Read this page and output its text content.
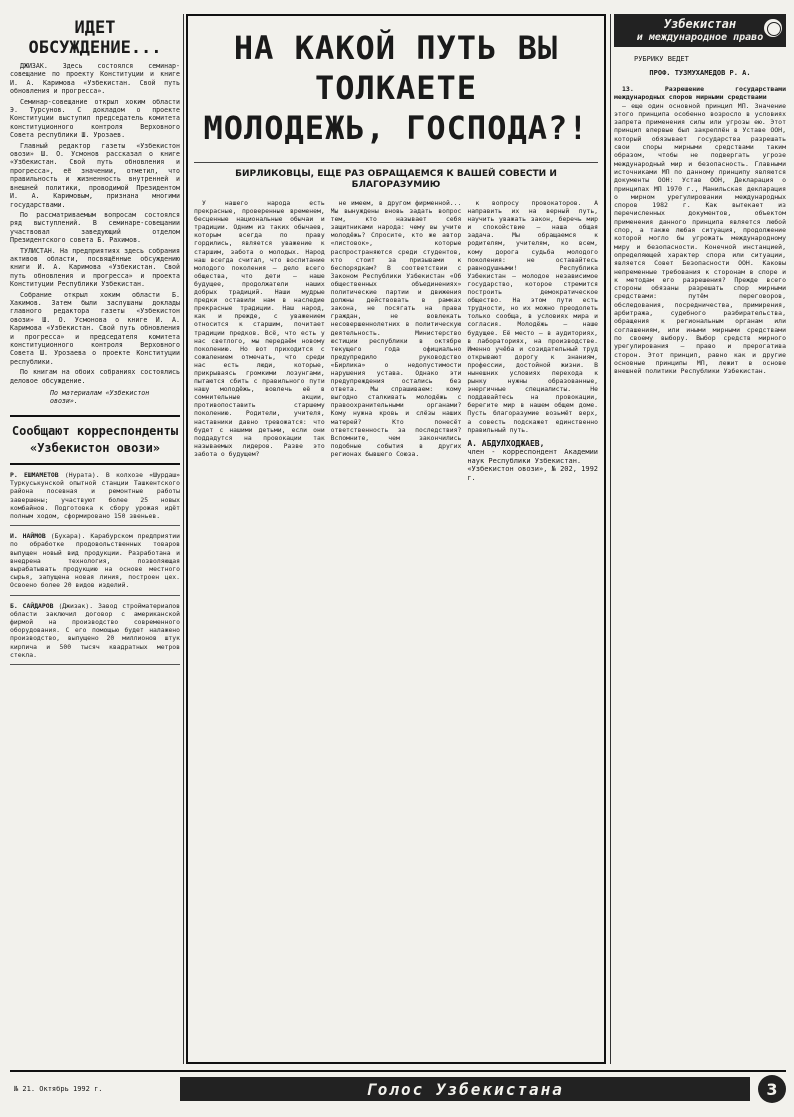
ИДЕТ ОБСУЖДЕНИЕ...

ДЖИЗАК. Здесь состоялся семинар-совещание по проекту Конституции и книге И. А. Каримова «Узбекистан. Свой путь обновления и прогресса».

Семинар-совещание открыл хоким области Э. Турсунов. С докладом о проекте Конституции выступил председатель комитета конституционного контроля Верховного Совета республики Ш. Урозаев.

Главный редактор газеты «Узбекистон овози» Ш. О. Усмонов рассказал о книге «Узбекистан. Свой путь обновления и прогресса», её значении, отметил, что правильность и жизненность внутренней и внешней политики, проводимой Президентом И. А. Каримовым, признана многими государствами.

По рассматриваемым вопросам состоялся ряд выступлений. В семинаре-совещании участвовал заведующий отделом Президентского совета Б. Рахимов.

ТУЛИСТАН. На предприятиях здесь собрания активов области, посвящённые обсуждению книги И. А. Каримова «Узбекистан. Свой путь обновления и прогресса» и проекта Конституции Республики Узбекистан.

Собрание открыл хоким области Б. Хакимов. Затем были заслушаны доклады главного редактора газеты «Узбекистон овози» Ш. О. Усмонова о книге И. А. Каримова «Узбекистан. Свой путь обновления и прогресса» и председателя комитета конституционного контроля Верховного Совета Ш. Урозаева о проекте Конституции республики.

По книгам на обоих собраниях состоялись деловое обсуждение.

По материалам «Узбекистон овози».
Сообщают корреспонденты «Узбекистон овози»
Р. ЕШМАМЕТОВ (Нурата). В колхозе «Шурдаш» Туркуськунской опытной станции Ташкентского района посевная и ремонтные работы завершены; участвуют более 25 новых комбайнов. Подготовка к сбору урожая идёт полным ходом, сформировано 150 звеньев.
И. НАЙМОВ (Бухара). Карабурском предприятии по обработке продовольственных товаров выпущен новый вид продукции. Разработана и внедрена технология, позволяющая вырабатывать продукцию на основе местного сырья, запущена новая линия, построен цех. Освоено более 20 видов изделий.
Б. САЙДАРОВ (Джизак). Завод стройматериалов области заключил договор с американской фирмой на производство современного оборудования. С его помощью будет налажено производство, выпущено 20 миллионов штук кирпича и 500 тысяч квадратных метров стекла.
НА КАКОЙ ПУТЬ ВЫ ТОЛКАЕТЕ
МОЛОДЕЖЬ, ГОСПОДА?!
БИРЛИКОВЦЫ, ЕЩЕ РАЗ ОБРАЩАЕМСЯ К ВАШЕЙ СОВЕСТИ И БЛАГОРАЗУМИЮ

У нашего народа есть прекрасные, проверенные временем, бесценные национальные обычаи и традиции. Одним из таких обычаев, которым всегда по праву гордились, является уважение к старшим, забота о молодых. Народ наш всегда считал, что воспитание молодого поколения — дело всего общества, что дети — наше будущее, продолжатели наших добрых традиций. Наши мудрые предки оставили нам в наследие прекрасные традиции. Наш народ, как и прежде, с уважением относится к старшим, почитает традиции предков. Всё, что есть у нас светлого, мы передаём новому поколению. Но вот приходится с сожалением отмечать, что среди нас есть люди, которые, прикрываясь громкими лозунгами, пытаются сбить с правильного пути нашу молодёжь, вовлечь её в сомнительные акции, противопоставить старшему поколению. Родители, учителя, наставники давно тревожатся: что будет с нашими детьми, если они поддадутся на провокации так называемых лидеров. Разве это забота о будущем?

не имеем, в другом фирменной... Мы вынуждены вновь задать вопрос тем, кто называет себя защитниками народа: чему вы учите молодёжь? Спросите, кто же автор «листовок», которые распространяются среди студентов, кто стоит за призывами к беспорядкам? В соответствии с Законом Республики Узбекистан «Об общественных объединениях» политические партии и движения должны действовать в рамках закона, не посягать на права граждан, не вовлекать несовершеннолетних в политическую деятельность. Министерство юстиции республики в октябре текущего года официально предупредило руководство «Бирлика» о недопустимости нарушения устава. Однако эти предупреждения остались без ответа. Мы спрашиваем: кому выгодно сталкивать молодёжь с правоохранительными органами? Кому нужна кровь и слёзы наших матерей? Кто понесёт ответственность за последствия? Вспомните, чем закончились подобные события в других регионах бывшего Союза.

к вопросу провокаторов. А направить их на верный путь, научить уважать закон, беречь мир и спокойствие — наша общая задача. Мы обращаемся к родителям, учителям, ко всем, кому дорога судьба молодого поколения: не оставайтесь равнодушными! Республика Узбекистан — молодое независимое государство, которое стремится построить демократическое общество. На этом пути есть трудности, но их можно преодолеть только сообща, в условиях мира и согласия. Молодёжь — наше будущее. Её место — в аудиториях, в лабораториях, на производстве. Именно учёба и созидательный труд открывают дорогу к знаниям, профессии, достойной жизни. В нынешних условиях перехода к рынку нужны образованные, энергичные специалисты. Не поддавайтесь на провокации, берегите мир в нашем общем доме. Пусть благоразумие возьмёт верх, а совесть подскажет единственно правильный путь.

А. АБДУЛХОДЖАЕВ,
член - корреспондент Академии наук Республики Узбекистан.
«Узбекистон овози», № 202, 1992 г.
Узбекистан
и международное право
РУБРИКУ ВЕДЕТ
ПРОФ. ТУЗМУХАМЕДОВ Р. А.

13. Разрешение государствами международных споров мирными средствами

— еще один основной принцип МП. Значение этого принципа особенно возросло в условиях запрета применения силы или угрозы ею. Этот принцип впервые был закреплён в Уставе ООН, который обязывает государства разрешать свои споры мирными средствами таким образом, чтобы не подвергать угрозе международный мир и безопасность. Главными источниками МП по данному принципу являются документы ООН: Устав ООН, Декларация о принципах МП 1970 г., Манильская декларация о мирном урегулировании международных споров 1982 г. Как вытекает из перечисленных документов, объектом применения данного принципа является любой спор, а также любая ситуация, продолжение которой могло бы угрожать международному миру и безопасности. Конечной инстанцией, определяющей характер спора или ситуации, является Совет Безопасности ООН. Каковы непременные требования к сторонам в споре и к методам его разрешения? Прежде всего стороны обязаны разрешать спор мирными средствами: путём переговоров, обследования, посредничества, примирения, арбитража, судебного разбирательства, обращения к региональным органам или соглашениям, или иными мирными средствами по своему выбору. Выбор средств мирного урегулирования — право и прерогатива сторон. Этот принцип, равно как и другие основные принципы МП, лежит в основе внешней политики Республики Узбекистан.

№ 21. Октябрь 1992 г.	Голос Узбекистана	3
